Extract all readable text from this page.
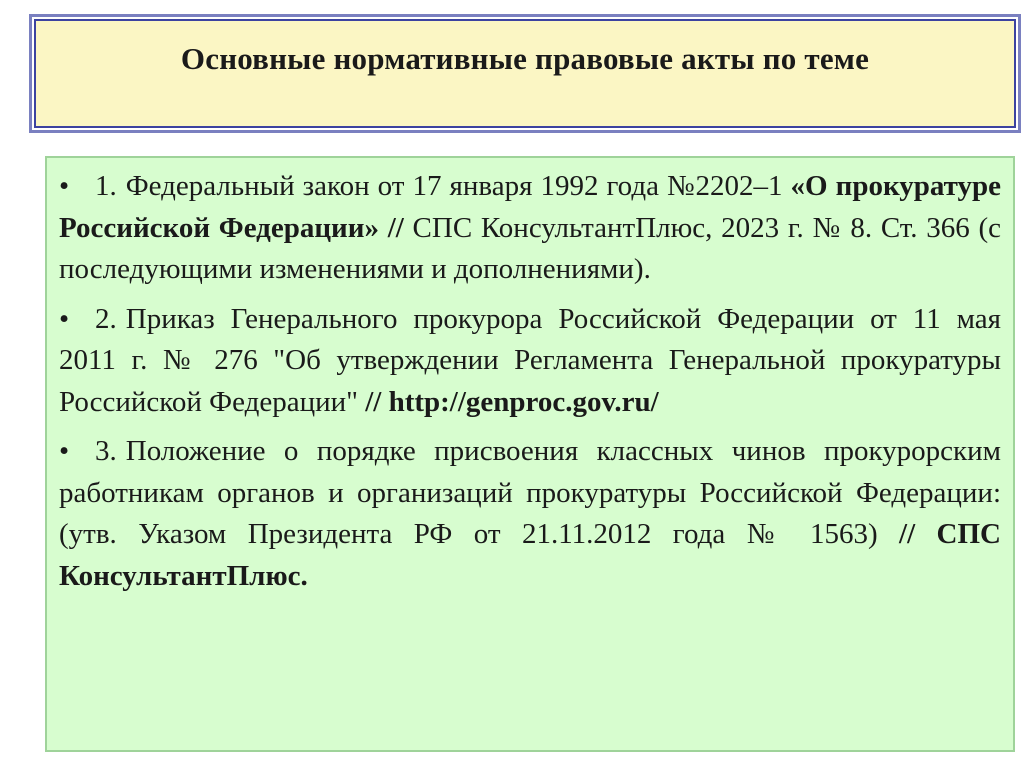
Основные нормативные правовые акты по теме
• 1. Федеральный закон от 17 января 1992 года №2202–1 «О прокуратуре Российской Федерации» // СПС КонсультантПлюс, 2023 г. № 8. Ст. 366 (с последующими изменениями и дополнениями).
• 2. Приказ Генерального прокурора Российской Федерации от 11 мая 2011 г. № 276 "Об утверждении Регламента Генеральной прокуратуры Российской Федерации" // http://genproc.gov.ru/
• 3. Положение о порядке присвоения классных чинов прокурорским работникам органов и организаций прокуратуры Российской Федерации: (утв. Указом Президента РФ от 21.11.2012 года № 1563) // СПС КонсультантПлюс.
